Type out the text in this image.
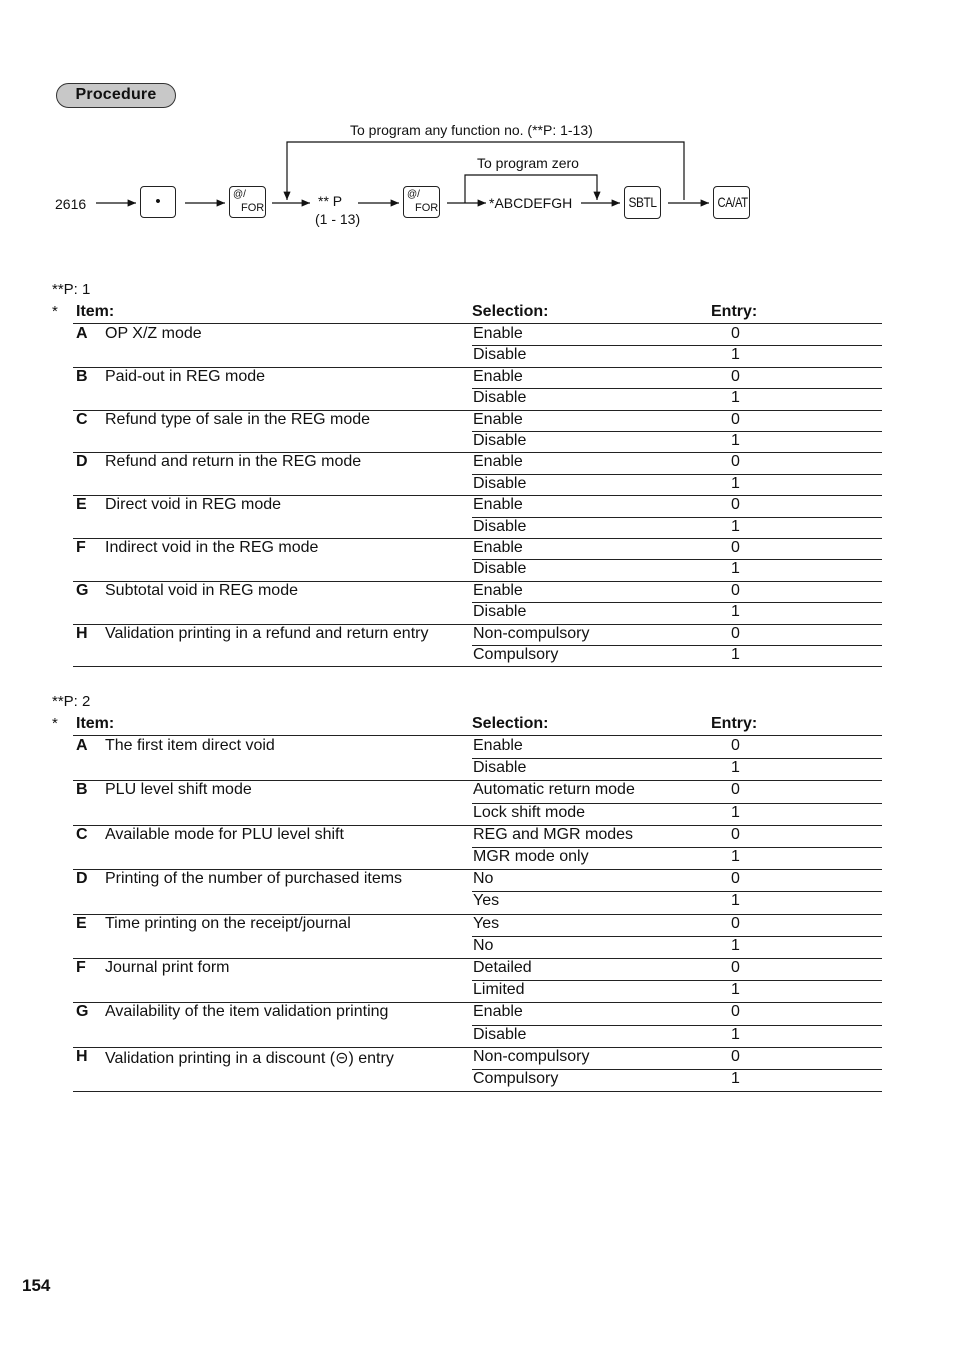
Procedure
To program any function no. (**P: 1-13)
To program zero
2616	•	@/
FOR	** P
(1 - 13)
@/
FOR	*ABCDEFGH	SBTL	CA/AT
**P: 1
* Item:	Selection:	Entry:
A OP X/Z mode	Enable	0
Disable	1
B Paid-out in REG mode	Enable	0
Disable	1
C Refund type of sale in the REG mode	Enable	0
Disable	1
D Refund and return in the REG mode	Enable	0
Disable	1
E Direct void in REG mode	Enable	0
Disable	1
F Indirect void in the REG mode	Enable	0
Disable	1
G Subtotal void in REG mode	Enable	0
Disable	1
H Validation printing in a refund and return entry	Non-compulsory	0
Compulsory	1
**P: 2
* Item:	Selection:	Entry:
A The first item direct void	Enable	0
Disable	1
B PLU level shift mode	Automatic return mode	0
Lock shift mode	1
C Available mode for PLU level shift	REG and MGR modes	0
MGR mode only	1
D Printing of the number of purchased items	No	0
Yes	1
E Time printing on the receipt/journal	Yes	0
No	1
F Journal print form	Detailed	0
Limited	1
G Availability of the item validation printing	Enable	0
Disable	1
H Validation printing in a discount (⊝) entry	Non-compulsory	0
Compulsory	1
154
